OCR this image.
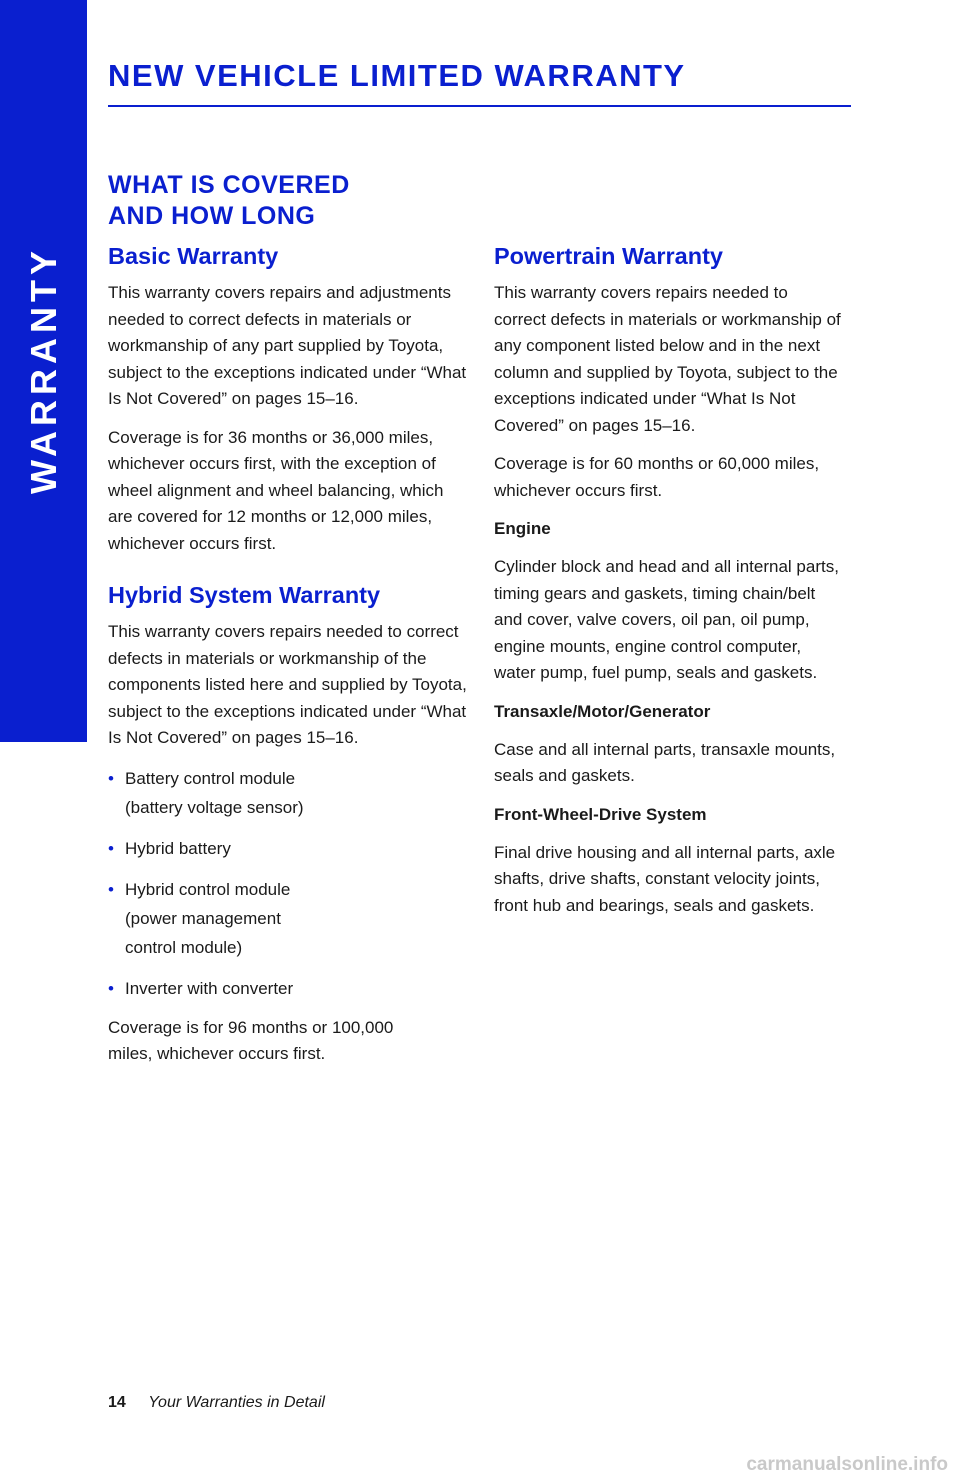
WARRANTY
NEW VEHICLE LIMITED WARRANTY
WHAT IS COVERED
AND HOW LONG
Basic Warranty
This warranty covers repairs and adjustments needed to correct defects in materials or workmanship of any part supplied by Toyota, subject to the exceptions indicated under “What Is Not Covered” on pages 15–16.
Coverage is for 36 months or 36,000 miles, whichever occurs first, with the exception of wheel alignment and wheel balancing, which are covered for 12 months or 12,000 miles, whichever occurs first.
Hybrid System Warranty
This warranty covers repairs needed to correct defects in materials or workmanship of the components listed here and supplied by Toyota, subject to the exceptions indicated under “What Is Not Covered” on pages 15–16.
• Battery control module
(battery voltage sensor)
• Hybrid battery
• Hybrid control module
(power management control module)
• Inverter with converter
Coverage is for 96 months or 100,000 miles, whichever occurs first.
Powertrain Warranty
This warranty covers repairs needed to correct defects in materials or workmanship of any component listed below and in the next column and supplied by Toyota, subject to the exceptions indicated under “What Is Not Covered” on pages 15–16.
Coverage is for 60 months or 60,000 miles, whichever occurs first.
Engine
Cylinder block and head and all internal parts, timing gears and gaskets, timing chain/belt and cover, valve covers, oil pan, oil pump, engine mounts, engine control computer, water pump, fuel pump, seals and gaskets.
Transaxle/Motor/Generator
Case and all internal parts, transaxle mounts, seals and gaskets.
Front-Wheel-Drive System
Final drive housing and all internal parts, axle shafts, drive shafts, constant velocity joints, front hub and bearings, seals and gaskets.
14 Your Warranties in Detail
carmanualsonline.info
